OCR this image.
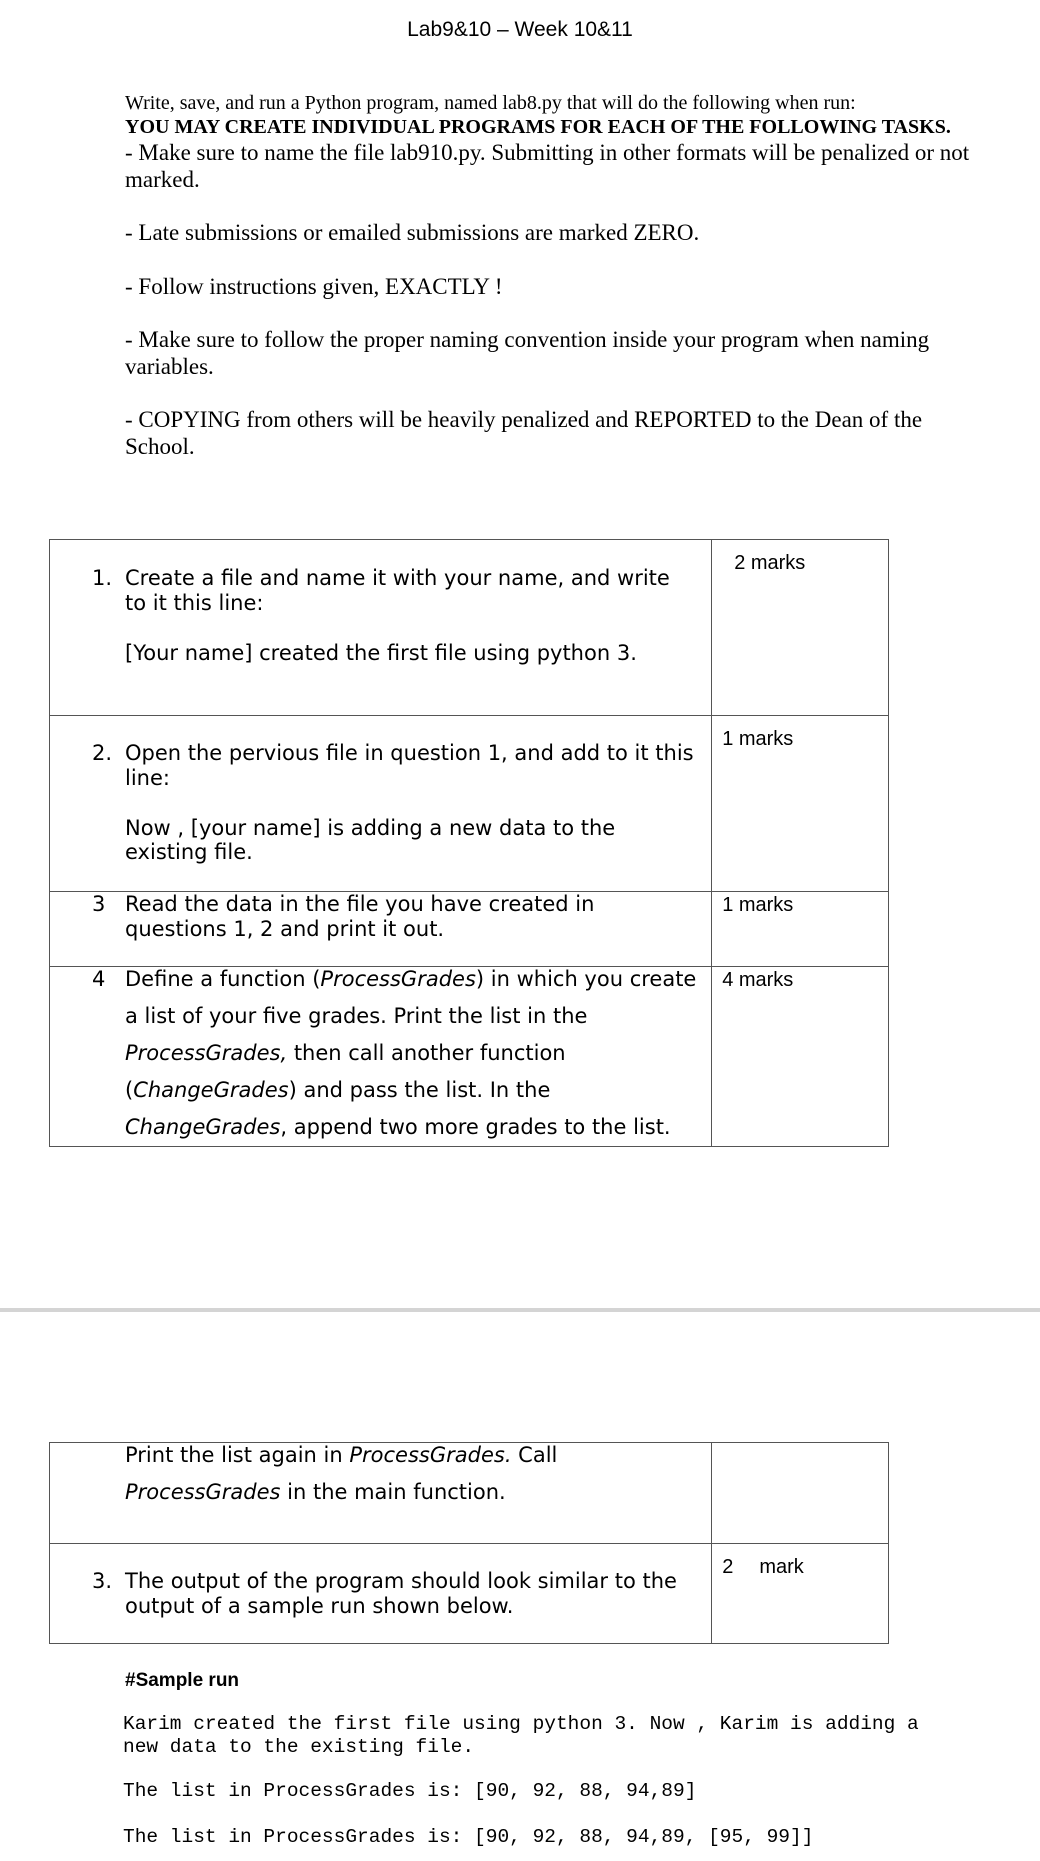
Lab9&10 – Week 10&11
Write, save, and run a Python program, named lab8.py that will do the following when run:
YOU MAY CREATE INDIVIDUAL PROGRAMS FOR EACH OF THE FOLLOWING TASKS.
- Make sure to name the file lab910.py. Submitting in other formats will be penalized or not marked.
- Late submissions or emailed submissions are marked ZERO.
- Follow instructions given, EXACTLY !
- Make sure to follow the proper naming convention inside your program when naming variables.
- COPYING from others will be heavily penalized and REPORTED to the Dean of the School.
1. Create a file and name it with your name, and write to it this line:
[Your name] created the first file using python 3.	2 marks

2. Open the pervious file in question 1, and add to it this line:
Now , [your name] is adding a new data to the existing file.	1 marks

3 Read the data in the file you have created in questions 1, 2 and print it out.	1 marks

4 Define a function (ProcessGrades) in which you create a list of your five grades. Print the list in the ProcessGrades, then call another function (ChangeGrades) and pass the list. In the ChangeGrades, append two more grades to the list.	4 marks
Print the list again in ProcessGrades. Call ProcessGrades in the main function.	

3. The output of the program should look similar to the output of a sample run shown below.	2 mark
#Sample run
Karim created the first file using python 3. Now , Karim is adding a new data to the existing file.
The list in ProcessGrades is: [90, 92, 88, 94,89]
The list in ProcessGrades is: [90, 92, 88, 94,89, [95, 99]]
